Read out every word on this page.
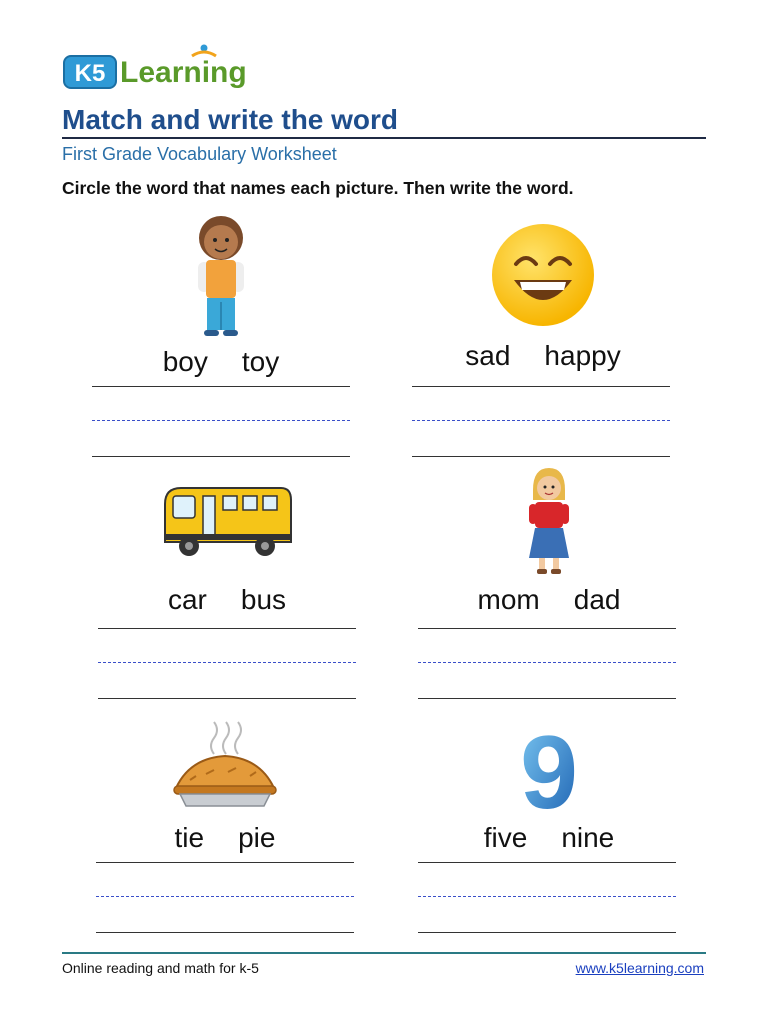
K5 Learning
Match and write the word
First Grade Vocabulary Worksheet
Circle the word that names each picture. Then write the word.
boy toy	sad happy
car bus	mom dad
tie pie
9
five nine
Online reading and math for k-5	www.k5learning.com
